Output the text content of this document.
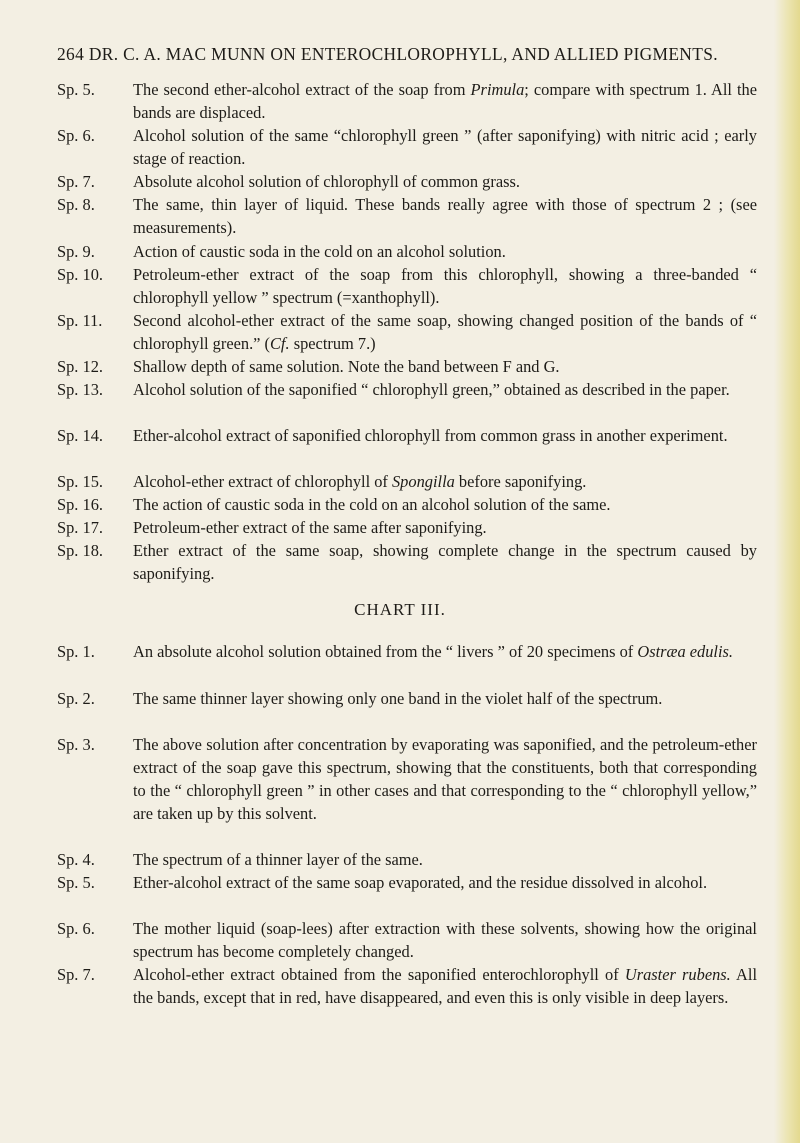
264 DR. C. A. MAC MUNN ON ENTEROCHLOROPHYLL, AND ALLIED PIGMENTS.
Sp. 5.	The second ether-alcohol extract of the soap from Primula; compare with spectrum 1. All the bands are displaced.
Sp. 6.	Alcohol solution of the same “chlorophyll green ” (after saponifying) with nitric acid ; early stage of reaction.
Sp. 7.	Absolute alcohol solution of chlorophyll of common grass.
Sp. 8.	The same, thin layer of liquid. These bands really agree with those of spectrum 2 ; (see measurements).
Sp. 9.	Action of caustic soda in the cold on an alcohol solution.
Sp. 10.	Petroleum-ether extract of the soap from this chlorophyll, showing a three-banded “ chlorophyll yellow ” spectrum (=xanthophyll).
Sp. 11.	Second alcohol-ether extract of the same soap, showing changed position of the bands of “ chlorophyll green.” (Cf. spectrum 7.)
Sp. 12.	Shallow depth of same solution. Note the band between F and G.
Sp. 13.	Alcohol solution of the saponified “ chlorophyll green,” obtained as described in the paper.
Sp. 14.	Ether-alcohol extract of saponified chlorophyll from common grass in another experiment.
Sp. 15.	Alcohol-ether extract of chlorophyll of Spongilla before saponifying.
Sp. 16.	The action of caustic soda in the cold on an alcohol solution of the same.
Sp. 17.	Petroleum-ether extract of the same after saponifying.
Sp. 18.	Ether extract of the same soap, showing complete change in the spectrum caused by saponifying.
CHART III.
Sp. 1.	An absolute alcohol solution obtained from the “ livers ” of 20 specimens of Ostræa edulis.
Sp. 2.	The same thinner layer showing only one band in the violet half of the spectrum.
Sp. 3.	The above solution after concentration by evaporating was saponified, and the petroleum-ether extract of the soap gave this spectrum, showing that the constituents, both that corresponding to the “ chlorophyll green ” in other cases and that corresponding to the “ chlorophyll yellow,” are taken up by this solvent.
Sp. 4.	The spectrum of a thinner layer of the same.
Sp. 5.	Ether-alcohol extract of the same soap evaporated, and the residue dissolved in alcohol.
Sp. 6.	The mother liquid (soap-lees) after extraction with these solvents, showing how the original spectrum has become completely changed.
Sp. 7.	Alcohol-ether extract obtained from the saponified enterochlorophyll of Uraster rubens. All the bands, except that in red, have disappeared, and even this is only visible in deep layers.
